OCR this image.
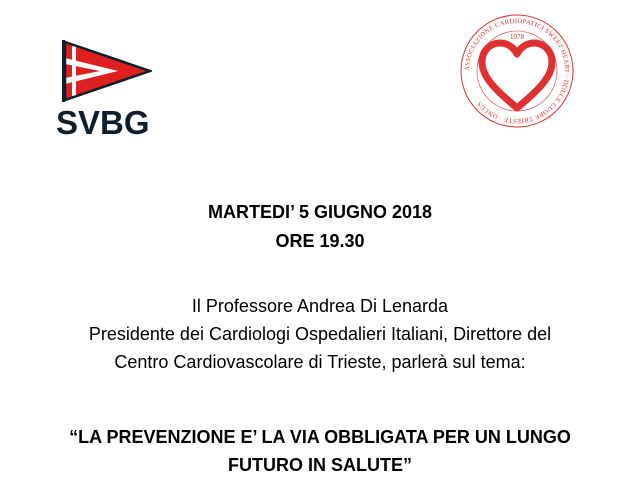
SVBG
ASSOCIAZIONE CARDIOPATICI SWEET HEART · DOLCE CUORE TRIESTE · ONLUS
1978
MARTEDI’ 5 GIUGNO 2018
ORE 19.30
Il Professore Andrea Di Lenarda
Presidente dei Cardiologi Ospedalieri Italiani, Direttore del
Centro Cardiovascolare di Trieste, parlerà sul tema:
“LA PREVENZIONE E’ LA VIA OBBLIGATA PER UN LUNGO
FUTURO IN SALUTE”
